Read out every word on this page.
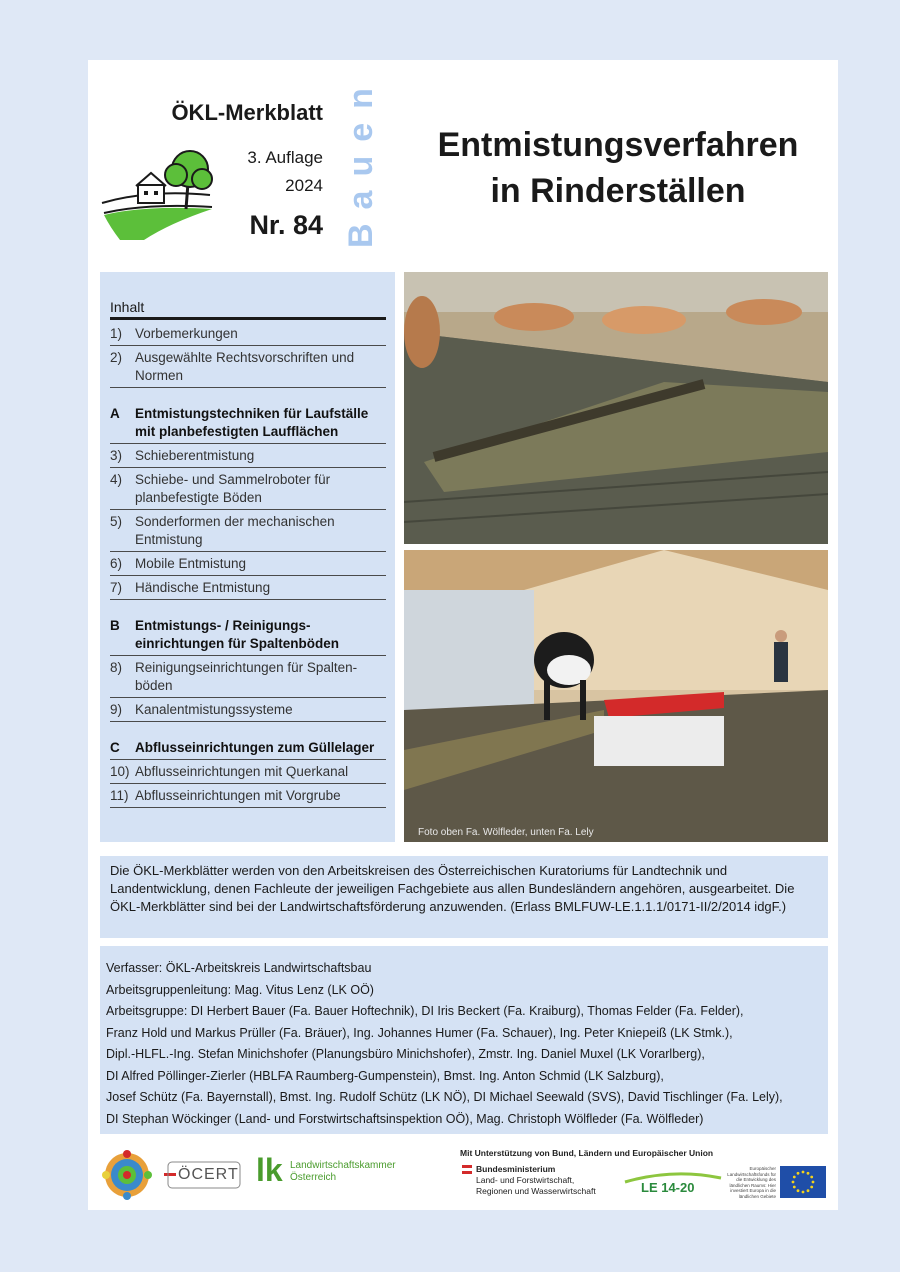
ÖKL-Merkblatt
3. Auflage
2024
Nr. 84 Bauen	Entmistungsverfahren
in Rinderställen
Inhalt
1) Vorbemerkungen
2) Ausgewählte Rechtsvorschriften und Normen
A	Entmistungstechniken für Laufställe mit planbefestigten Laufflächen
3) Schieberentmistung
4) Schiebe- und Sammelroboter für planbefestigte Böden
5) Sonderformen der mechanischen Entmistung
6) Mobile Entmistung
7) Händische Entmistung
B	Entmistungs- / Reinigungs-einrichtungen für Spaltenböden
8) Reinigungseinrichtungen für Spalten-böden
9) Kanalentmistungssysteme
C	Abflusseinrichtungen zum Güllelager
10) Abflusseinrichtungen mit Querkanal
11) Abflusseinrichtungen mit Vorgrube
Foto oben Fa. Wölfleder, unten Fa. Lely

Die ÖKL-Merkblätter werden von den Arbeitskreisen des Österreichischen Kuratoriums für Landtechnik und Landentwicklung, denen Fachleute der jeweiligen Fachgebiete aus allen Bundesländern angehören, ausgearbeitet. Die ÖKL-Merkblätter sind bei der Landwirtschaftsförderung anzuwenden. (Erlass BMLFUW-LE.1.1.1/0171-II/2/2014 idgF.)

Verfasser: ÖKL-Arbeitskreis Landwirtschaftsbau
Arbeitsgruppenleitung: Mag. Vitus Lenz (LK OÖ)
Arbeitsgruppe: DI Herbert Bauer (Fa. Bauer Hoftechnik), DI Iris Beckert (Fa. Kraiburg), Thomas Felder (Fa. Felder),
Franz Hold und Markus Prüller (Fa. Bräuer), Ing. Johannes Humer (Fa. Schauer), Ing. Peter Kniepeiß (LK Stmk.),
Dipl.-HLFL.-Ing. Stefan Minichshofer (Planungsbüro Minichshofer), Zmstr. Ing. Daniel Muxel (LK Vorarlberg),
DI Alfred Pöllinger-Zierler (HBLFA Raumberg-Gumpenstein), Bmst. Ing. Anton Schmid (LK Salzburg),
Josef Schütz (Fa. Bayernstall), Bmst. Ing. Rudolf Schütz (LK NÖ), DI Michael Seewald (SVS), David Tischlinger (Fa. Lely),
DI Stephan Wöckinger (Land- und Forstwirtschaftsinspektion OÖ), Mag. Christoph Wölfleder (Fa. Wölfleder)
ÖCERT lk Landwirtschaftskammer
Österreich
Mit Unterstützung von Bund, Ländern und Europäischer Union
Bundesministerium
Land- und Forstwirtschaft,
Regionen und Wasserwirtschaft	LE 14-20
Europäischer Landwirtschaftsfonds für die Entwicklung des ländlichen Raums: Hier investiert Europa in die ländlichen Gebiete
